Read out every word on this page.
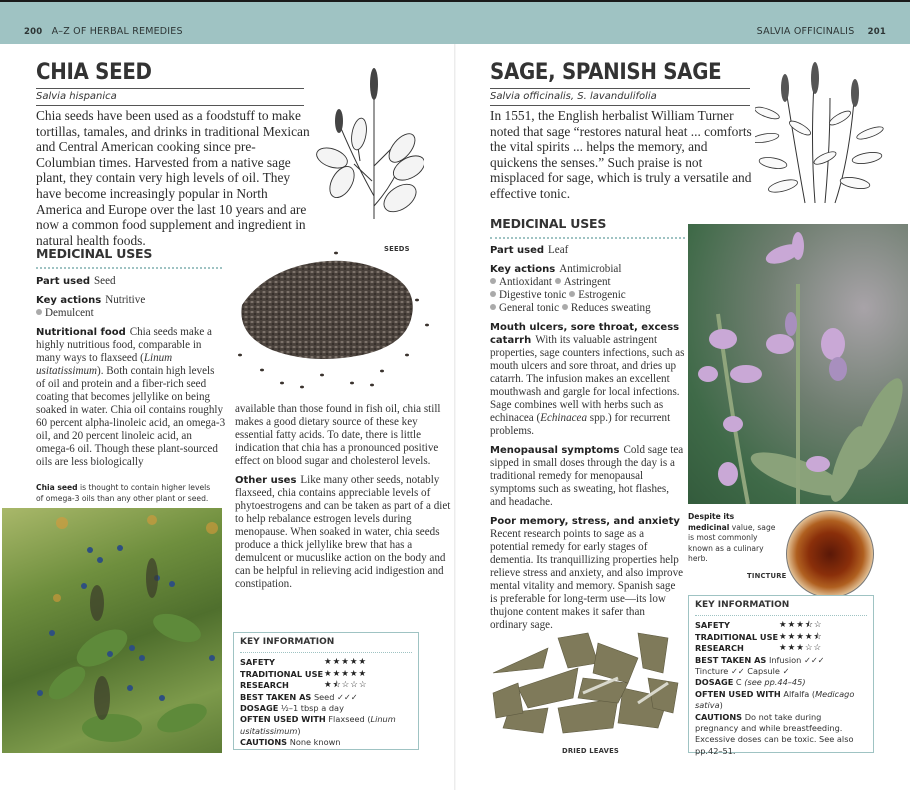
200 A–Z OF HERBAL REMEDIES	SALVIA OFFICINALIS 201
CHIA SEED
Salvia hispanica
Chia seeds have been used as a foodstuff to make tortillas, tamales, and drinks in traditional Mexican and Central American cooking since pre-Columbian times. Harvested from a native sage plant, they contain very high levels of oil. They have become increasingly popular in North America and Europe over the last 10 years and are now a common food supplement and ingredient in natural health foods.
MEDICINAL USES

Part used Seed

Key actions Nutritive
Demulcent

Nutritional food Chia seeds make a highly nutritious food, comparable in many ways to flaxseed (Linum usitatissimum). Both contain high levels of oil and protein and a fiber-rich seed coating that becomes jellylike on being soaked in water. Chia oil contains roughly 60 percent alpha-linoleic acid, an omega-3 oil, and 20 percent linoleic acid, an omega-6 oil. Though these plant-sourced oils are less biologically

SEEDS

available than those found in fish oil, chia still makes a good dietary source of these key essential fatty acids. To date, there is little indication that chia has a pronounced positive effect on blood sugar and cholesterol levels.

Other uses Like many other seeds, notably flaxseed, chia contains appreciable levels of phytoestrogens and can be taken as part of a diet to help rebalance estrogen levels during menopause. When soaked in water, chia seeds produce a thick jellylike brew that has a demulcent or mucuslike action on the body and can be helpful in relieving acid indigestion and constipation.

Chia seed is thought to contain higher levels of omega-3 oils than any other plant or seed.
KEY INFORMATION
SAFETY	★★★★★
TRADITIONAL USE ★★★★★
RESEARCH	★⯪☆☆☆
BEST TAKEN AS Seed ✓✓✓
DOSAGE ½–1 tbsp a day
OFTEN USED WITH Flaxseed (Linum usitatissimum)
CAUTIONS None known
SAGE, SPANISH SAGE
Salvia officinalis, S. lavandulifolia
In 1551, the English herbalist William Turner noted that sage “restores natural heat ... comforts the vital spirits ... helps the memory, and quickens the senses.” Such praise is not misplaced for sage, which is truly a versatile and effective tonic.
MEDICINAL USES

Part used Leaf

Key actions Antimicrobial
Antioxidant Astringent
Digestive tonic Estrogenic
General tonic Reduces sweating

Mouth ulcers, sore throat, excess catarrh With its valuable astringent properties, sage counters infections, such as mouth ulcers and sore throat, and dries up catarrh. The infusion makes an excellent mouthwash and gargle for local infections. Sage combines well with herbs such as echinacea (Echinacea spp.) for recurrent problems.

Menopausal symptoms Cold sage tea sipped in small doses through the day is a traditional remedy for menopausal symptoms such as sweating, hot flashes, and headache.

Poor memory, stress, and anxiety
Recent research points to sage as a potential remedy for early stages of dementia. Its tranquillizing properties help relieve stress and anxiety, and also improve mental vitality and memory. Spanish sage is preferable for long-term use—its low thujone content makes it safer than ordinary sage.

Despite its medicinal value, sage is most commonly known as a culinary herb.
TINCTURE
DRIED LEAVES
KEY INFORMATION
SAFETY	★★★⯪☆
TRADITIONAL USE ★★★★⯪
RESEARCH	★★★☆☆
BEST TAKEN AS Infusion ✓✓✓
Tincture ✓✓ Capsule ✓
DOSAGE C (see pp.44–45)
OFTEN USED WITH Alfalfa (Medicago sativa)
CAUTIONS Do not take during pregnancy and while breastfeeding. Excessive doses can be toxic. See also pp.42–51.
